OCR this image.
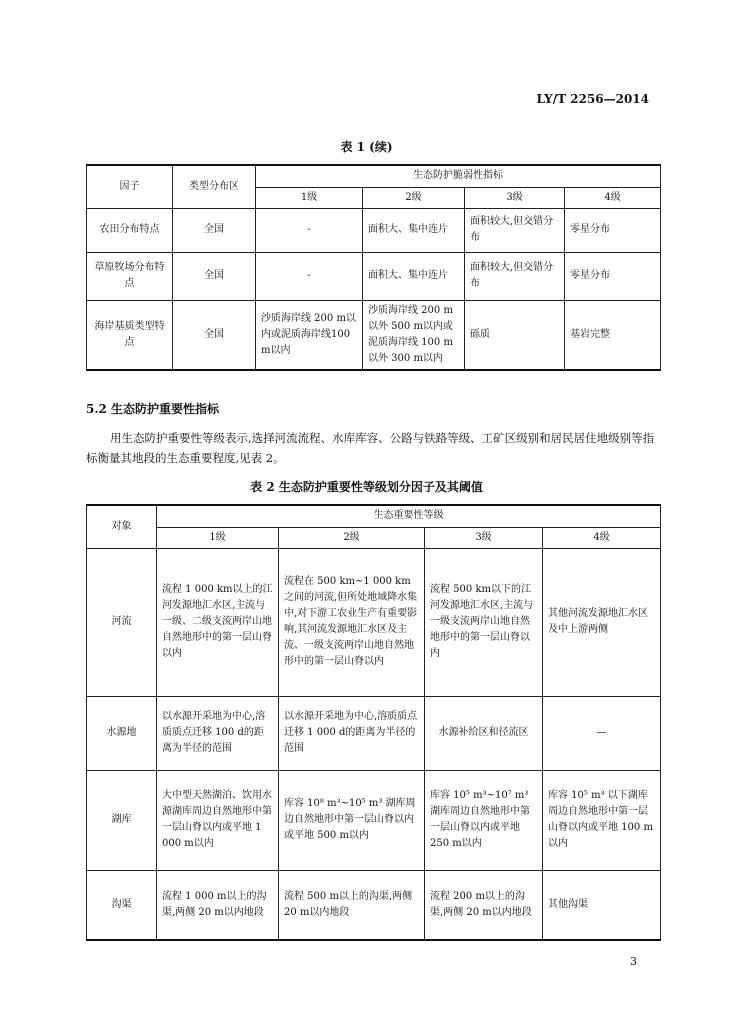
LY/T 2256—2014
表 1 (续)
因子	类型分布区	生态防护脆弱性指标			
		1级	2级	3级	4级
农田分布特点	全国	-	面积大、集中连片	面积较大,但交错分布	零星分布
草原牧场分布特点	全国	-	面积大、集中连片	面积较大,但交错分布	零星分布
海岸基质类型特点	全国	沙质海岸线 200 m以内或泥质海岸线100 m以内	沙质海岸线 200 m以外 500 m以内或泥质海岸线 100 m以外 300 m以内	砾质	基岩完整
5.2 生态防护重要性指标
用生态防护重要性等级表示,选择河流流程、水库库容、公路与铁路等级、工矿区级别和居民居住地级别等指标衡量其地段的生态重要程度,见表 2。
表 2 生态防护重要性等级划分因子及其阈值
对象	生态重要性等级			
	1级	2级	3级	4级
河流	流程 1 000 km以上的江河发源地汇水区,主流与一级、二级支流两岸山地自然地形中的第一层山脊以内	流程在 500 km~1 000 km之间的河流,但所处地域降水集中,对下游工农业生产有重要影响,其河流发源地汇水区及主流、一级支流两岸山地自然地形中的第一层山脊以内	流程 500 km以下的江河发源地汇水区,主流与一级支流两岸山地自然地形中的第一层山脊以内	其他河流发源地汇水区及中上游两侧
水源地	以水源开采地为中心,溶质质点迁移 100 d的距离为半径的范围	以水源开采地为中心,溶质质点迁移 1 000 d的距离为半径的范围	水源补给区和径流区	—
湖库	大中型天然湖泊、饮用水源湖库周边自然地形中第一层山脊以内或平地 1 000 m以内	库容 10⁸ m³~10⁵ m³ 湖库周边自然地形中第一层山脊以内或平地 500 m以内	库容 10⁵ m³~10⁷ m³ 湖库周边自然地形中第一层山脊以内或平地 250 m以内	库容 10⁵ m³ 以下湖库周边自然地形中第一层山脊以内或平地 100 m以内
沟渠	流程 1 000 m以上的沟渠,两侧 20 m以内地段	流程 500 m以上的沟渠,两侧 20 m以内地段	流程 200 m以上的沟渠,两侧 20 m以内地段	其他沟渠
3
